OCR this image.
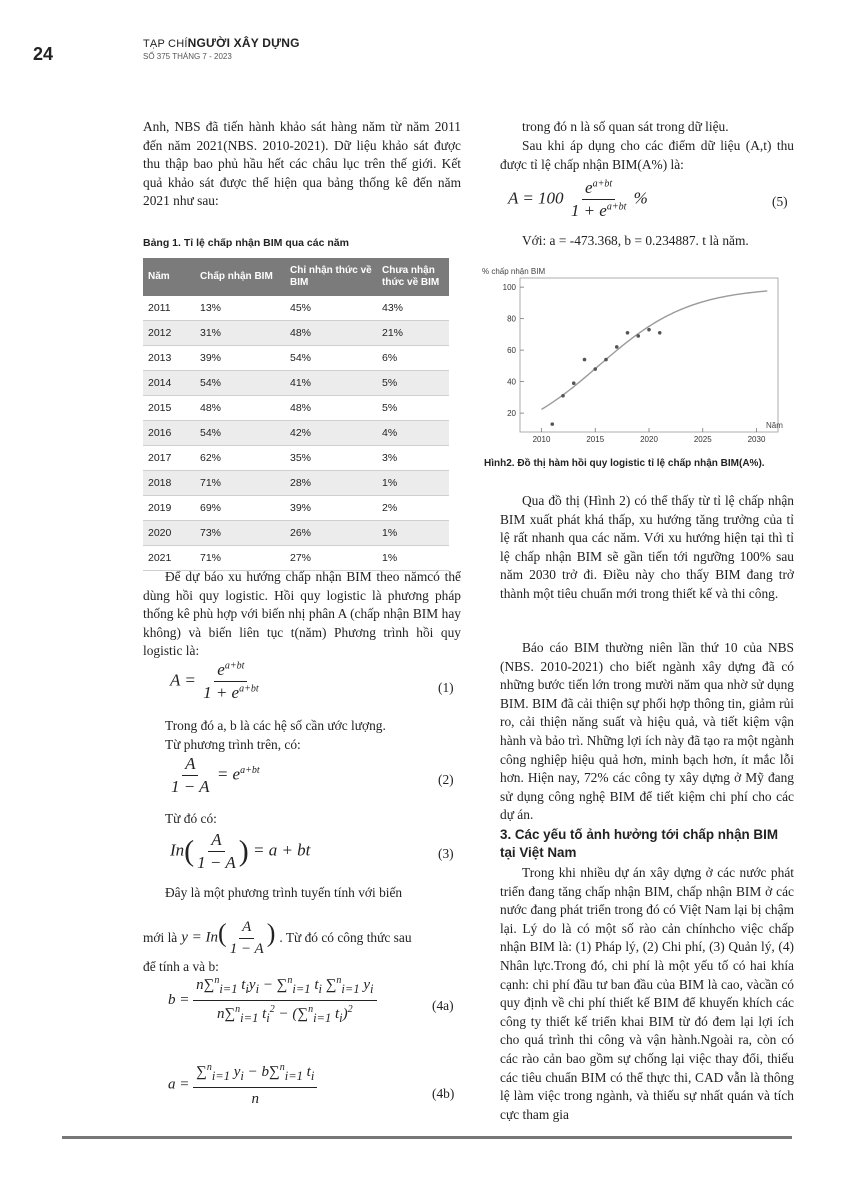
24	TẠP CHÍNGƯỜI XÂY DỰNG
SỐ 375 THÁNG 7 - 2023

Anh, NBS đã tiến hành khảo sát hàng năm từ năm 2011 đến năm 2021(NBS. 2010-2021). Dữ liệu khảo sát được thu thập bao phủ hầu hết các châu lục trên thế giới. Kết quả khảo sát được thể hiện qua bảng thống kê đến năm 2021 như sau:

Bảng 1. Tỉ lệ chấp nhận BIM qua các năm
Năm	Chấp nhận BIM	Chỉ nhận thức về BIM	Chưa nhận thức về BIM
2011	13%	45%	43%
2012	31%	48%	21%
2013	39%	54%	6%
2014	54%	41%	5%
2015	48%	48%	5%
2016	54%	42%	4%
2017	62%	35%	3%
2018	71%	28%	1%
2019	69%	39%	2%
2020	73%	26%	1%
2021	71%	27%	1%

Để dự báo xu hướng chấp nhận BIM theo nămcó thể dùng hồi quy logistic. Hồi quy logistic là phương pháp thống kê phù hợp với biến nhị phân A (chấp nhận BIM hay không) và biến liên tục t(năm) Phương trình hồi quy logistic là:

$A = \frac{e^{a+bt}}{1 + e^{a+bt}}$	(1)

Trong đó a, b là các hệ số cần ước lượng.

Từ phương trình trên, có:

$\frac{A}{1 - A} = e^{a+bt}$
(2)

Từ đó có:

$In( \frac{A}{1 - A}$ ) = a + bt	(3)

Đây là một phương trình tuyến tính với biến

mới là $y = In( \frac{A}{1 - A}$ ) . Từ đó có công thức sau

để tính a và b:

$b = \frac{n\sum^n_{i=1} t_iy_i - \sum^n_{i=1} t_i \sum^n_{i=1} y_i}{n\sum^n_{i=1} t_i^2 - (\sum^n_{i=1} t_i)^2}$	(4a)
$a = \frac{\sum^n_{i=1} y_i - b\sum^n_{i=1} t_i}{n}$	(4b)

trong đó n là số quan sát trong dữ liệu.

Sau khi áp dụng cho các điểm dữ liệu (A,t) thu được tỉ lệ chấp nhận BIM(A%) là:

$A = 100 \frac{e^{a+bt}}{1 + e^{a+bt}}$ %	(5)

Với: a = -473.368, b = 0.234887. t là năm.

% chấp nhận BIM
Năm
20
40
60
80
100
2010	2015	2020	2025	2030
Hình2. Đồ thị hàm hồi quy logistic tỉ lệ chấp nhận BIM(A%).

Qua đồ thị (Hình 2) có thể thấy từ tỉ lệ chấp nhận BIM xuất phát khá thấp, xu hướng tăng trưởng của tỉ lệ rất nhanh qua các năm. Với xu hướng hiện tại thì tỉ lệ chấp nhận BIM sẽ gần tiến tới ngưỡng 100% sau năm 2030 trở đi. Điều này cho thấy BIM đang trở thành một tiêu chuẩn mới trong thiết kế và thi công.

Báo cáo BIM thường niên lần thứ 10 của NBS (NBS. 2010-2021) cho biết ngành xây dựng đã có những bước tiến lớn trong mười năm qua nhờ sử dụng BIM. BIM đã cải thiện sự phối hợp thông tin, giảm rủi ro, cải thiện năng suất và hiệu quả, và tiết kiệm vận hành và bảo trì. Những lợi ích này đã tạo ra một ngành công nghiệp hiệu quả hơn, minh bạch hơn, ít mắc lỗi hơn. Hiện nay, 72% các công ty xây dựng ở Mỹ đang sử dụng công nghệ BIM để tiết kiệm chi phí cho các dự án.

3. Các yếu tố ảnh hưởng tới chấp nhận BIM tại Việt Nam

Trong khi nhiều dự án xây dựng ở các nước phát triển đang tăng chấp nhận BIM, chấp nhận BIM ở các nước đang phát triển trong đó có Việt Nam lại bị chậm lại. Lý do là có một số rào cản chínhcho việc chấp nhận BIM là: (1) Pháp lý, (2) Chi phí, (3) Quản lý, (4) Nhân lực.Trong đó, chi phí là một yếu tố có hai khía cạnh: chi phí đầu tư ban đầu của BIM là cao, vàcần có quy định về chi phí thiết kế BIM để khuyến khích các công ty thiết kế triển khai BIM từ đó đem lại lợi ích cho quá trình thi công và vận hành.Ngoài ra, còn có các rào cản bao gồm sự chống lại việc thay đổi, thiếu các tiêu chuẩn BIM có thể thực thi, CAD vẫn là thông lệ làm việc trong ngành, và thiếu sự nhất quán và tích cực tham gia
